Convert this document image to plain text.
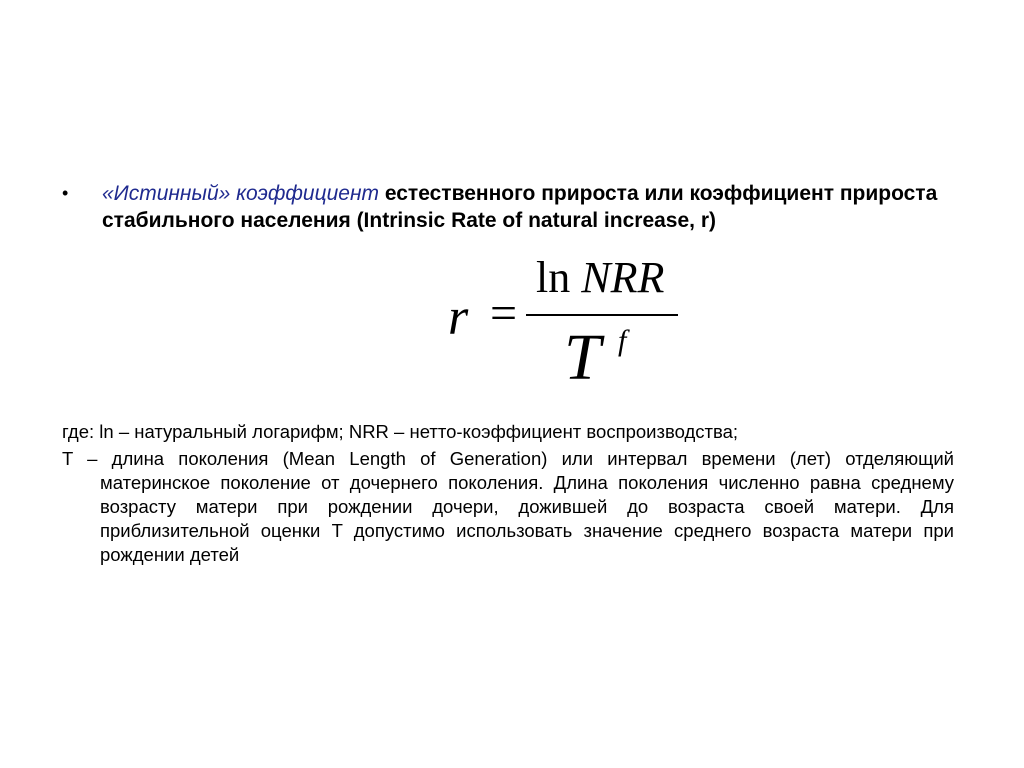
•	«Истинный» коэффициент естественного прироста или коэффициент прироста стабильного населения (Intrinsic Rate of natural increase, r)
r =
ln NRR
T f

где: ln – натуральный логарифм; NRR – нетто-коэффициент воспроизводства;

T – длина поколения (Mean Length of Generation) или интервал времени (лет) отделяющий материнское поколение от дочернего поколения. Длина поколения численно равна среднему возрасту матери при рождении дочери, дожившей до возраста своей матери. Для приблизительной оценки T допустимо использовать значение среднего возраста матери при рождении детей
